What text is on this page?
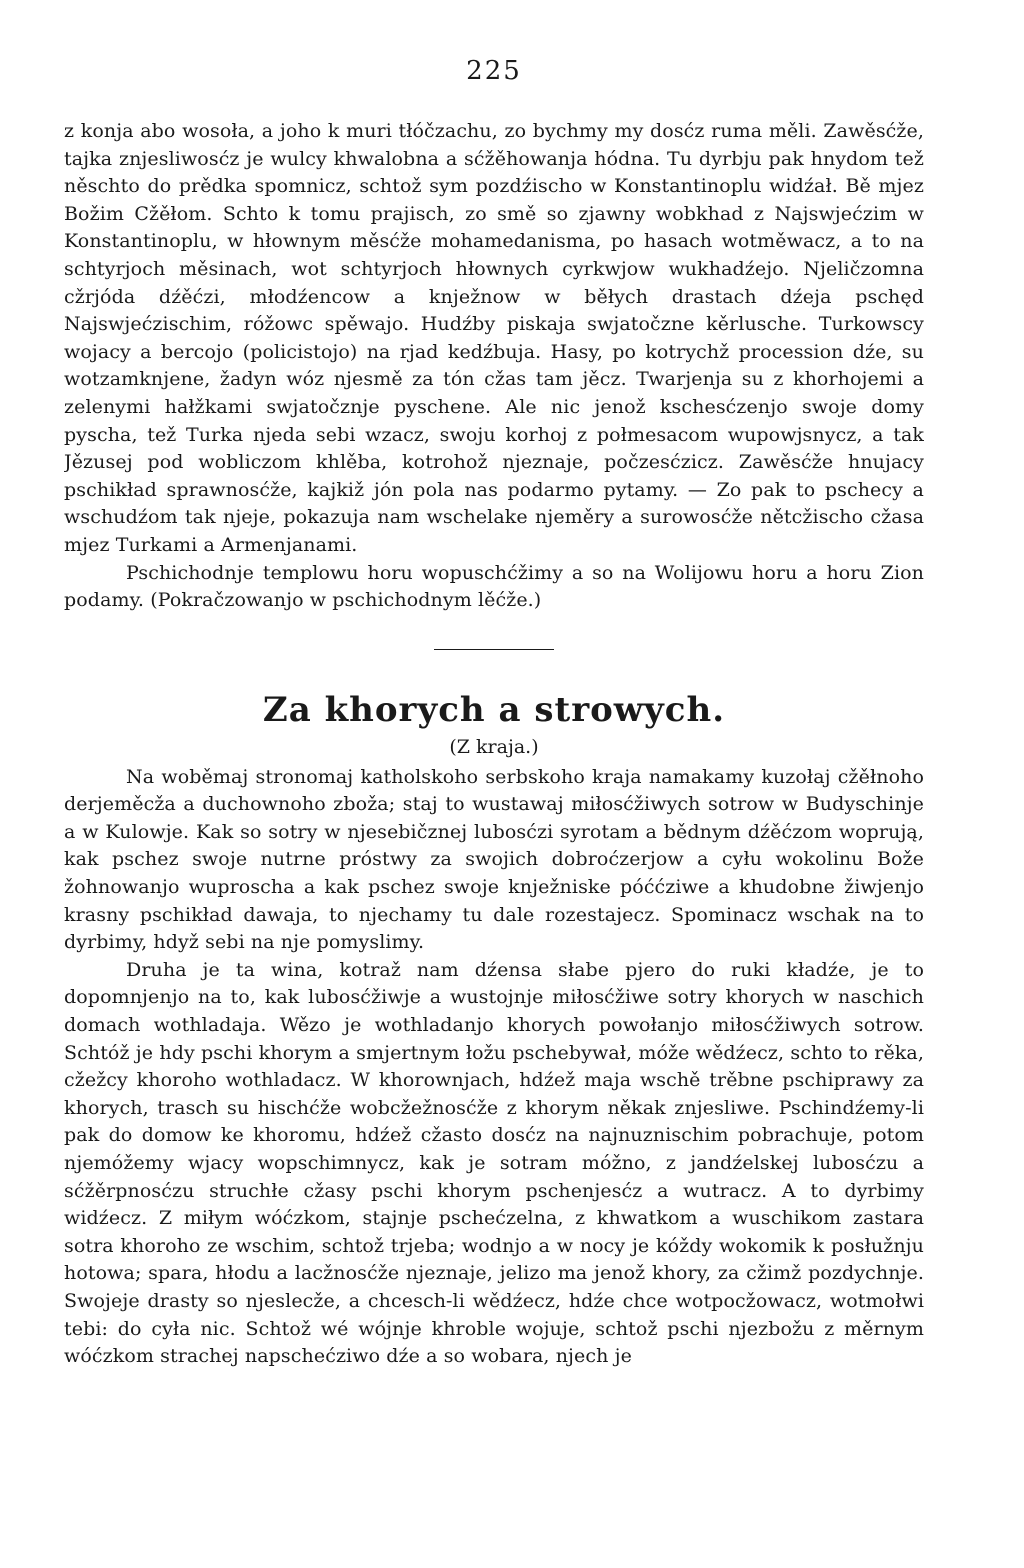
225

z konja abo wosoła, a joho k muri tłóčzachu, zo bychmy my dosćz ruma měli. Zawěsćže, tajka znjesliwosćz je wulcy khwalobna a sćžěhowanja hódna. Tu dyrbju pak hnydom tež něschto do prědka spomnicz, schtož sym pozdźischo w Konstantinoplu widźał. Bě mjez Božim Cžěłom. Schto k tomu prajisch, zo smě so zjawny wobkhad z Najswjećzim w Konstantinoplu, w hłownym měsćže mohamedanisma, po hasach wotměwacz, a to na schtyrjoch měsinach, wot schtyrjoch hłownych cyrkwjow wukhadźejo. Njeličzomna cžrjóda dźěćzi, młodźencow a knježnow w běłych drastach dźeja pschęd Najswjećzischim, róžowc spěwajo. Hudźby piskaja swjatočzne kěrlusche. Turkowscy wojacy a bercojo (policistojo) na rjad kedźbuja. Hasy, po kotrychž procession dźe, su wotzamknjene, žadyn wóz njesmě za tón cžas tam jěcz. Twarjenja su z khorhojemi a zelenymi hałžkami swjatočznje pyschene. Ale nic jenož kschesćzenjo swoje domy pyscha, tež Turka njeda sebi wzacz, swoju korhoj z połmesacom wupowjsnycz, a tak Jězusej pod wobliczom khlěba, kotrohož njeznaje, počzesćzicz. Zawěsćže hnujacy pschikład sprawnosćže, kajkiž jón pola nas podarmo pytamy. — Zo pak to pschecy a wschudźom tak njeje, pokazuja nam wschelake njeměry a surowosćže nětcžischo cžasa mjez Turkami a Armenjanami.

Pschichodnje templowu horu wopuschćžimy a so na Wolijowu horu a horu Zion podamy. (Pokračzowanjo w pschichodnym lěćže.)

Za khorych a strowych.
(Z kraja.)

Na woběmaj stronomaj katholskoho serbskoho kraja namakamy kuzołaj cžěłnoho derjeměcža a duchownoho zboža; staj to wustawaj miłosćžiwych sotrow w Budyschinje a w Kulowje. Kak so sotry w njesebičznej lubosćzi syrotam a bědnym dźěćzom woprują, kak pschez swoje nutrne próstwy za swojich dobroćzerjow a cyłu wokolinu Bože žohnowanjo wuproscha a kak pschez swoje knježniske póććziwe a khudobne žiwjenjo krasny pschikład dawaja, to njechamy tu dale rozestajecz. Spominacz wschak na to dyrbimy, hdyž sebi na nje pomyslimy.

Druha je ta wina, kotraž nam dźensa słabe pjero do ruki kładźe, je to dopomnjenjo na to, kak lubosćžiwje a wustojnje miłosćžiwe sotry khorych w naschich domach wothladaja. Wězo je wothladanjo khorych powołanjo miłosćžiwych sotrow. Schtóž je hdy pschi khorym a smjertnym łožu pschebywał, móže wědźecz, schto to rěka, cžežcy khoroho wothladacz. W khorownjach, hdźež maja wschě trěbne pschiprawy za khorych, trasch su hischćže wobcžežnosćže z khorym někak znjesliwe. Pschindźemy-li pak do domow ke khoromu, hdźež cžasto dosćz na najnuznischim pobrachuje, potom njemóžemy wjacy wopschimnycz, kak je sotram móžno, z jandźelskej lubosćzu a sćžěrpnosćzu struchłe cžasy pschi khorym pschenjesćz a wutracz. A to dyrbimy widźecz. Z miłym wóćzkom, stajnje pschećzelna, z khwatkom a wuschikom zastara sotra khoroho ze wschim, schtož trjeba; wodnjo a w nocy je kóždy wokomik k posłužnju hotowa; spara, hłodu a lacžnosćže njeznaje, jelizo ma jenož khory, za cžimž pozdychnje. Swojeje drasty so njeslecže, a chcesch-li wědźecz, hdźe chce wotpocžowacz, wotmołwi tebi: do cyła nic. Schtož wé wójnje khroble wojuje, schtož pschi njezbožu z měrnym wóćzkom strachej napschećziwo dźe a so wobara, njech je
